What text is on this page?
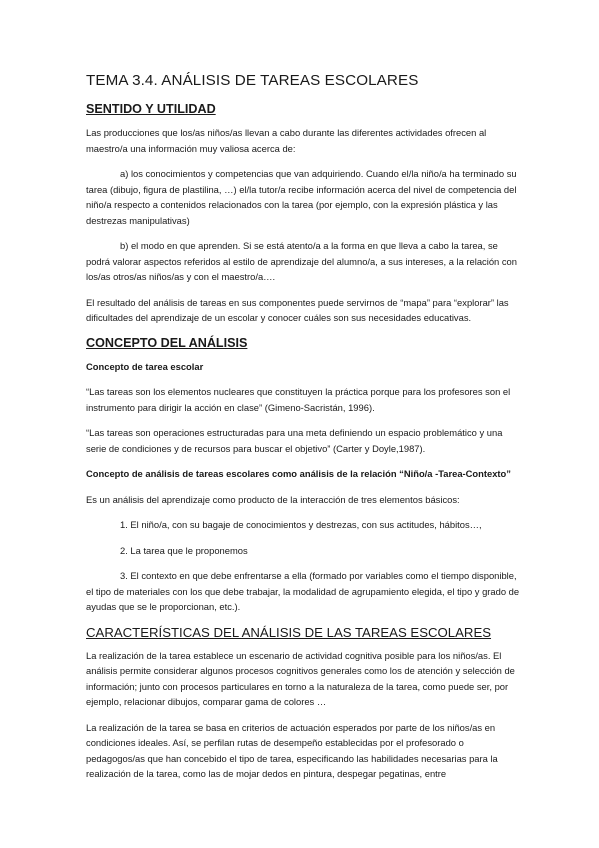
TEMA 3.4. ANÁLISIS DE TAREAS ESCOLARES
SENTIDO Y UTILIDAD

Las producciones que los/as niños/as llevan a cabo durante las diferentes actividades ofrecen al maestro/a una información muy valiosa acerca de:

a) los conocimientos y competencias que van adquiriendo. Cuando el/la niño/a ha terminado su tarea (dibujo, figura de plastilina, …) el/la tutor/a recibe información acerca del nivel de competencia del niño/a respecto a contenidos relacionados con la tarea (por ejemplo, con la expresión plástica y las destrezas manipulativas)

b) el modo en que aprenden. Si se está atento/a a la forma en que lleva a cabo la tarea, se podrá valorar aspectos referidos al estilo de aprendizaje del alumno/a, a sus intereses, a la relación con los/as otros/as niños/as y con el maestro/a….

El resultado del análisis de tareas en sus componentes puede servirnos de “mapa” para “explorar” las dificultades del aprendizaje de un escolar y conocer cuáles son sus necesidades educativas.

CONCEPTO DEL ANÁLISIS
Concepto de tarea escolar

“Las tareas son los elementos nucleares que constituyen la práctica porque para los profesores son el instrumento para dirigir la acción en clase” (Gimeno-Sacristán, 1996).

“Las tareas son operaciones estructuradas para una meta definiendo un espacio problemático y una serie de condiciones y de recursos para buscar el objetivo” (Carter y Doyle,1987).

Concepto de análisis de tareas escolares como análisis de la relación “Niño/a -Tarea-Contexto”

Es un análisis del aprendizaje como producto de la interacción de tres elementos básicos:

1. El niño/a, con su bagaje de conocimientos y destrezas, con sus actitudes, hábitos…,

2. La tarea que le proponemos

3. El contexto en que debe enfrentarse a ella (formado por variables como el tiempo disponible, el tipo de materiales con los que debe trabajar, la modalidad de agrupamiento elegida, el tipo y grado de ayudas que se le proporcionan, etc.).

CARACTERÍSTICAS DEL ANÁLISIS DE LAS TAREAS ESCOLARES

La realización de la tarea establece un escenario de actividad cognitiva posible para los niños/as. El análisis permite considerar algunos procesos cognitivos generales como los de atención y selección de información; junto con procesos particulares en torno a la naturaleza de la tarea, como puede ser, por ejemplo, relacionar dibujos, comparar gama de colores …

La realización de la tarea se basa en criterios de actuación esperados por parte de los niños/as en condiciones ideales. Así, se perfilan rutas de desempeño establecidas por el profesorado o pedagogos/as que han concebido el tipo de tarea, especificando las habilidades necesarias para la realización de la tarea, como las de mojar dedos en pintura, despegar pegatinas, entre
